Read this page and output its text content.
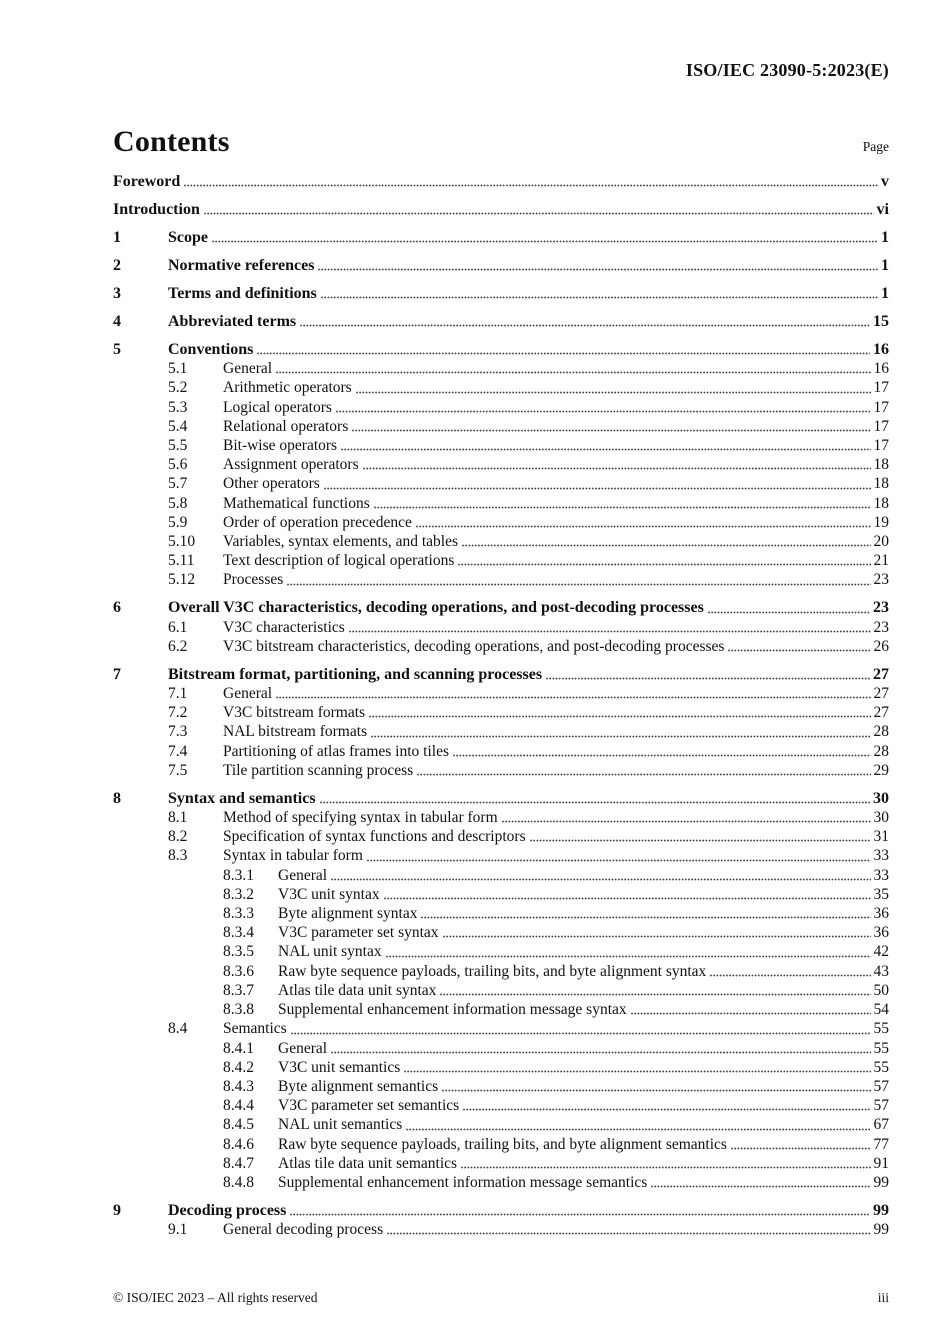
ISO/IEC 23090-5:2023(E)
Contents	Page
Foreword	v
Introduction	vi
1	Scope	1
2	Normative references	1
3	Terms and definitions	1
4	Abbreviated terms	15
5	Conventions	16
5.1	General	16
5.2	Arithmetic operators	17
5.3	Logical operators	17
5.4	Relational operators	17
5.5	Bit-wise operators	17
5.6	Assignment operators	18
5.7	Other operators	18
5.8	Mathematical functions	18
5.9	Order of operation precedence	19
5.10	Variables, syntax elements, and tables	20
5.11	Text description of logical operations	21
5.12	Processes	23
6	Overall V3C characteristics, decoding operations, and post-decoding processes	23
6.1	V3C characteristics	23
6.2	V3C bitstream characteristics, decoding operations, and post-decoding processes	26
7	Bitstream format, partitioning, and scanning processes	27
7.1	General	27
7.2	V3C bitstream formats	27
7.3	NAL bitstream formats	28
7.4	Partitioning of atlas frames into tiles	28
7.5	Tile partition scanning process	29
8	Syntax and semantics	30
8.1	Method of specifying syntax in tabular form	30
8.2	Specification of syntax functions and descriptors	31
8.3	Syntax in tabular form	33
8.3.1	General	33
8.3.2	V3C unit syntax	35
8.3.3	Byte alignment syntax	36
8.3.4	V3C parameter set syntax	36
8.3.5	NAL unit syntax	42
8.3.6	Raw byte sequence payloads, trailing bits, and byte alignment syntax	43
8.3.7	Atlas tile data unit syntax	50
8.3.8	Supplemental enhancement information message syntax	54
8.4	Semantics	55
8.4.1	General	55
8.4.2	V3C unit semantics	55
8.4.3	Byte alignment semantics	57
8.4.4	V3C parameter set semantics	57
8.4.5	NAL unit semantics	67
8.4.6	Raw byte sequence payloads, trailing bits, and byte alignment semantics	77
8.4.7	Atlas tile data unit semantics	91
8.4.8	Supplemental enhancement information message semantics	99
9	Decoding process	99
9.1	General decoding process	99
© ISO/IEC 2023 – All rights reserved	iii
